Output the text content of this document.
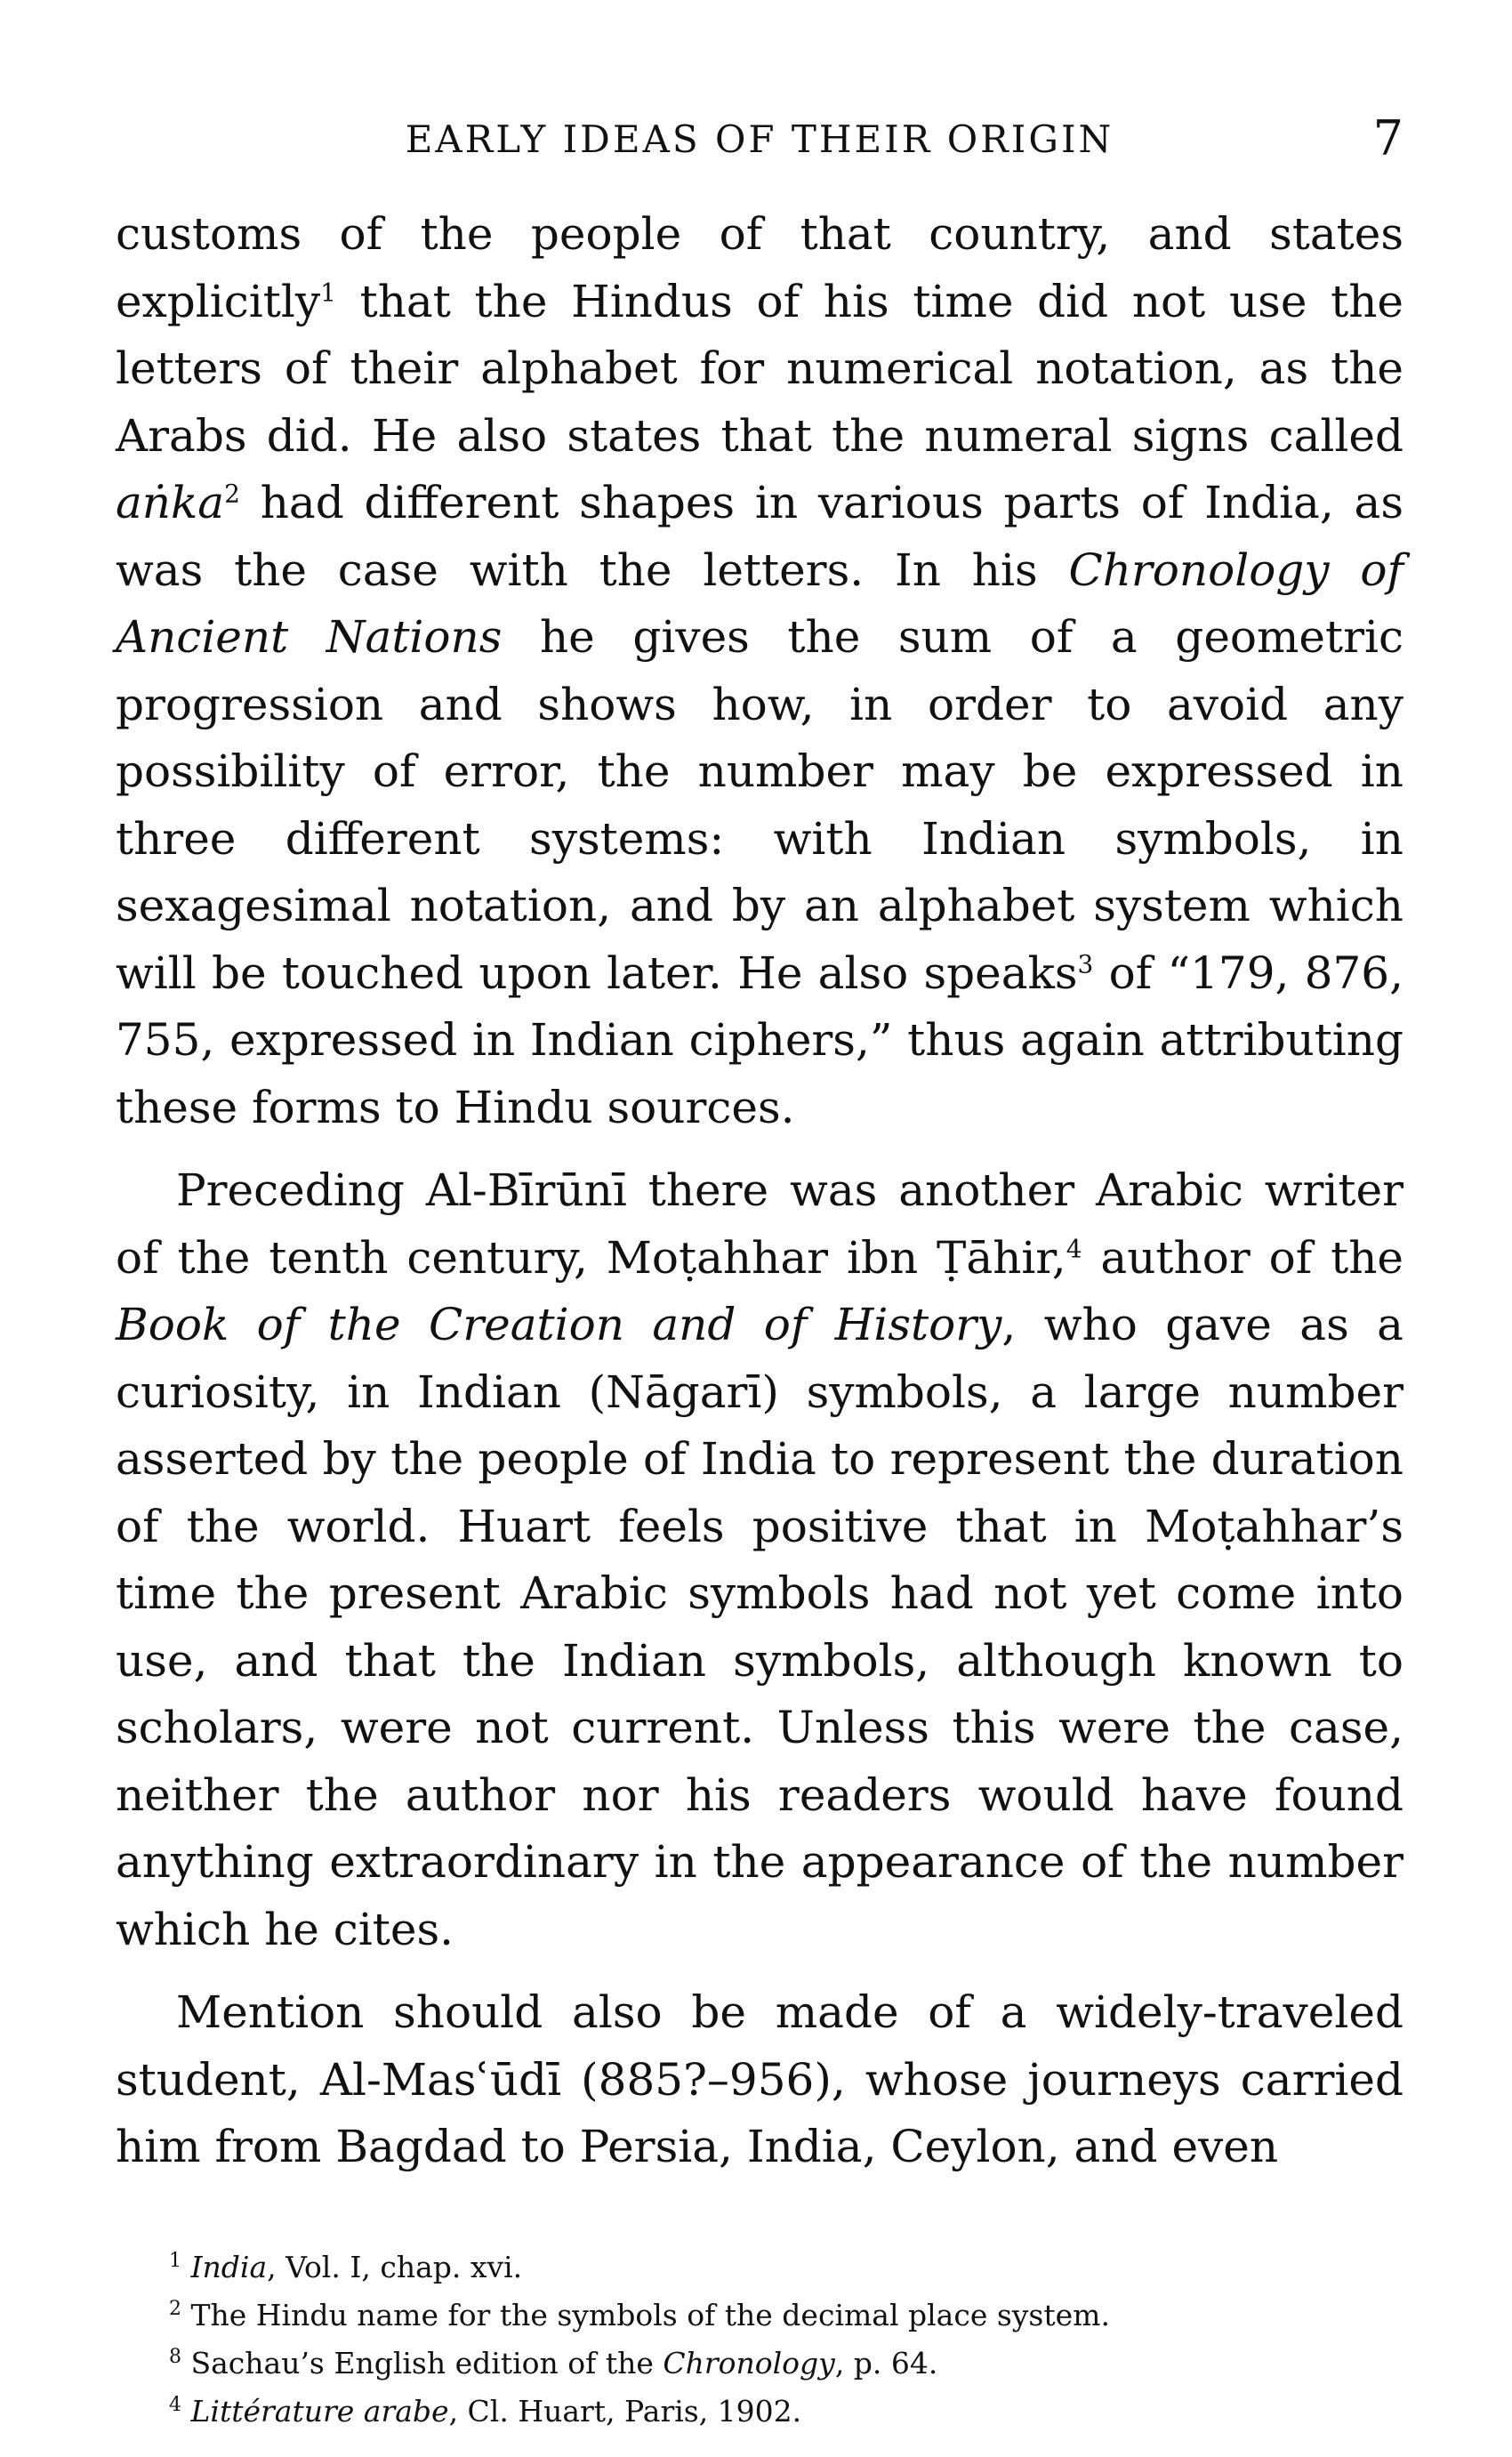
EARLY IDEAS OF THEIR ORIGIN	7

customs of the people of that country, and states explicitly$^1$ that the Hindus of his time did not use the letters of their alphabet for numerical notation, as the Arabs did. He also states that the numeral signs called aṅka$^2$ had different shapes in various parts of India, as was the case with the letters. In his Chronology of Ancient Nations he gives the sum of a geometric progression and shows how, in order to avoid any possibility of error, the number may be expressed in three different systems: with Indian symbols, in sexagesimal notation, and by an alphabet system which will be touched upon later. He also speaks$^3$ of “179, 876, 755, expressed in Indian ciphers,” thus again attributing these forms to Hindu sources.

Preceding Al-Bīrūnī there was another Arabic writer of the tenth century, Moṭahhar ibn Ṭāhir,$^4$ author of the Book of the Creation and of History, who gave as a curiosity, in Indian (Nāgarī) symbols, a large number asserted by the people of India to represent the duration of the world. Huart feels positive that in Moṭahhar’s time the present Arabic symbols had not yet come into use, and that the Indian symbols, although known to scholars, were not current. Unless this were the case, neither the author nor his readers would have found anything extraordinary in the appearance of the number which he cites.

Mention should also be made of a widely-traveled student, Al-Masʿūdī (885?–956), whose journeys carried him from Bagdad to Persia, India, Ceylon, and even

$^1$ India, Vol. I, chap. xvi.

$^2$ The Hindu name for the symbols of the decimal place system.

$^8$ Sachau’s English edition of the Chronology, p. 64.

$^4$ Littérature arabe, Cl. Huart, Paris, 1902.
